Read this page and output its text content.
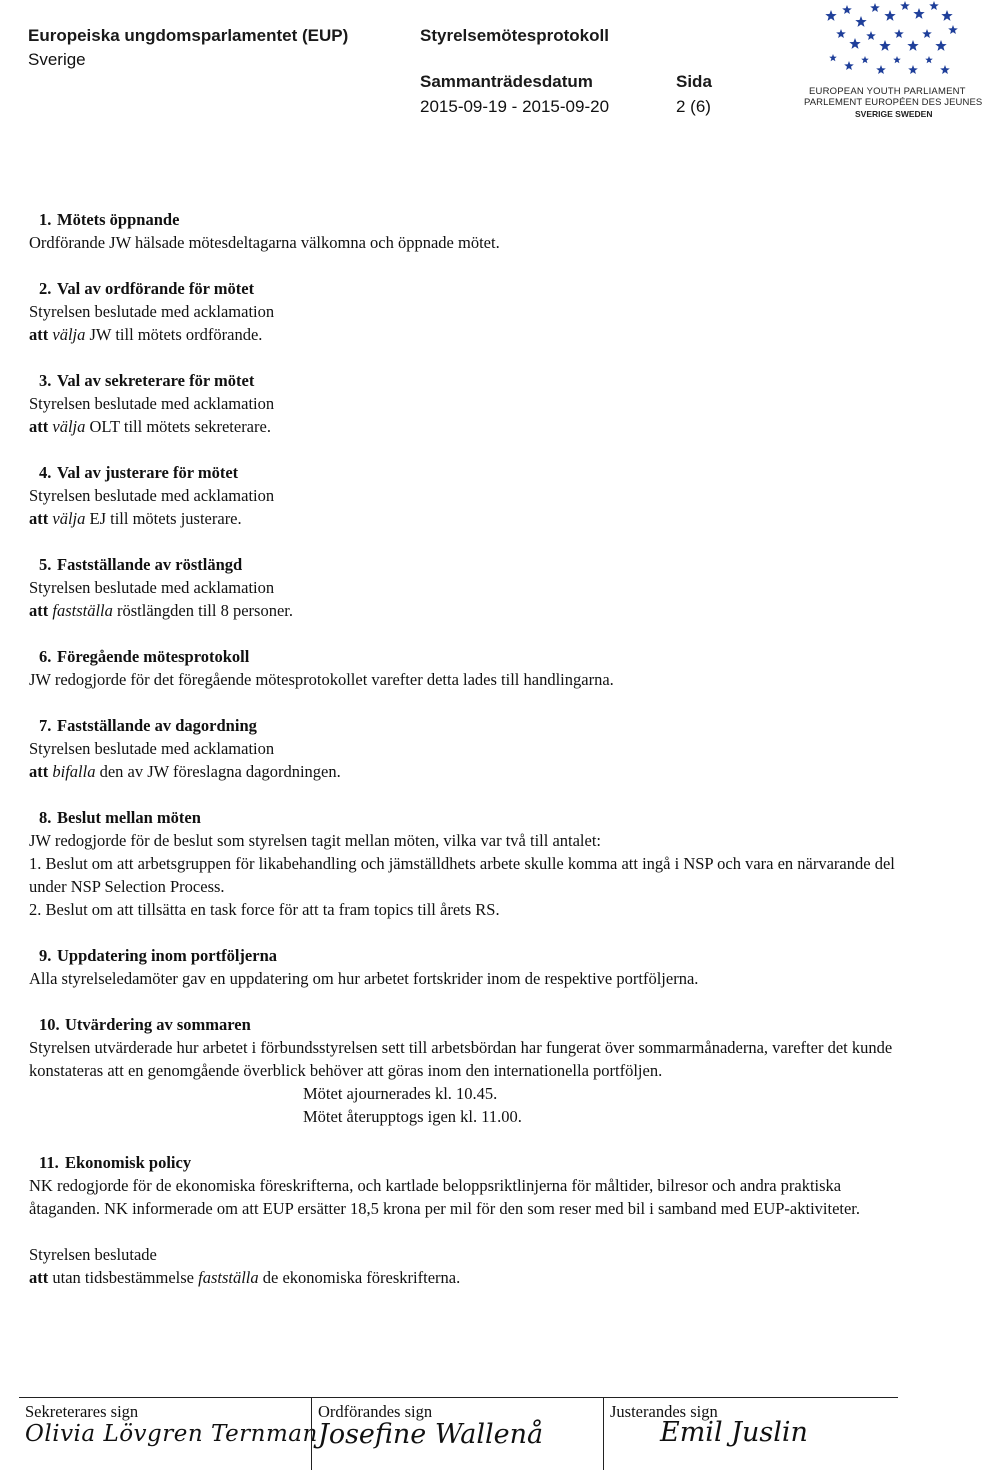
Europeiska ungdomsparlamentet (EUP)
Sverige
Styrelsemötesprotokoll
Sammanträdesdatum
2015-09-19 - 2015-09-20
Sida
2 (6)
EUROPEAN YOUTH PARLIAMENT
PARLEMENT EUROPÉEN DES JEUNES
SVERIGE SWEDEN

1. Mötets öppnande

Ordförande JW hälsade mötesdeltagarna välkomna och öppnade mötet.

2. Val av ordförande för mötet

Styrelsen beslutade med acklamation

att välja JW till mötets ordförande.

3. Val av sekreterare för mötet

Styrelsen beslutade med acklamation

att välja OLT till mötets sekreterare.

4. Val av justerare för mötet

Styrelsen beslutade med acklamation

att välja EJ till mötets justerare.

5. Fastställande av röstlängd

Styrelsen beslutade med acklamation

att fastställa röstlängden till 8 personer.

6. Föregående mötesprotokoll

JW redogjorde för det föregående mötesprotokollet varefter detta lades till handlingarna.

7. Fastställande av dagordning

Styrelsen beslutade med acklamation

att bifalla den av JW föreslagna dagordningen.

8. Beslut mellan möten

JW redogjorde för de beslut som styrelsen tagit mellan möten, vilka var två till antalet:

1. Beslut om att arbetsgruppen för likabehandling och jämställdhets arbete skulle komma att ingå i NSP och vara en närvarande del under NSP Selection Process.

2. Beslut om att tillsätta en task force för att ta fram topics till årets RS.

9. Uppdatering inom portföljerna

Alla styrelseledamöter gav en uppdatering om hur arbetet fortskrider inom de respektive portföljerna.

10. Utvärdering av sommaren

Styrelsen utvärderade hur arbetet i förbundsstyrelsen sett till arbetsbördan har fungerat över sommarmånaderna, varefter det kunde konstateras att en genomgående överblick behöver att göras inom den internationella portföljen.

Mötet ajournerades kl. 10.45.

Mötet återupptogs igen kl. 11.00.

11. Ekonomisk policy

NK redogjorde för de ekonomiska föreskrifterna, och kartlade beloppsriktlinjerna för måltider, bilresor och andra praktiska åtaganden. NK informerade om att EUP ersätter 18,5 krona per mil för den som reser med bil i samband med EUP-aktiviteter.

Styrelsen beslutade

att utan tidsbestämmelse fastställa de ekonomiska föreskrifterna.

Sekreterares sign
Olivia Lövgren Ternman
Ordförandes sign
Josefine Wallenå
Justerandes sign
Emil Juslin
